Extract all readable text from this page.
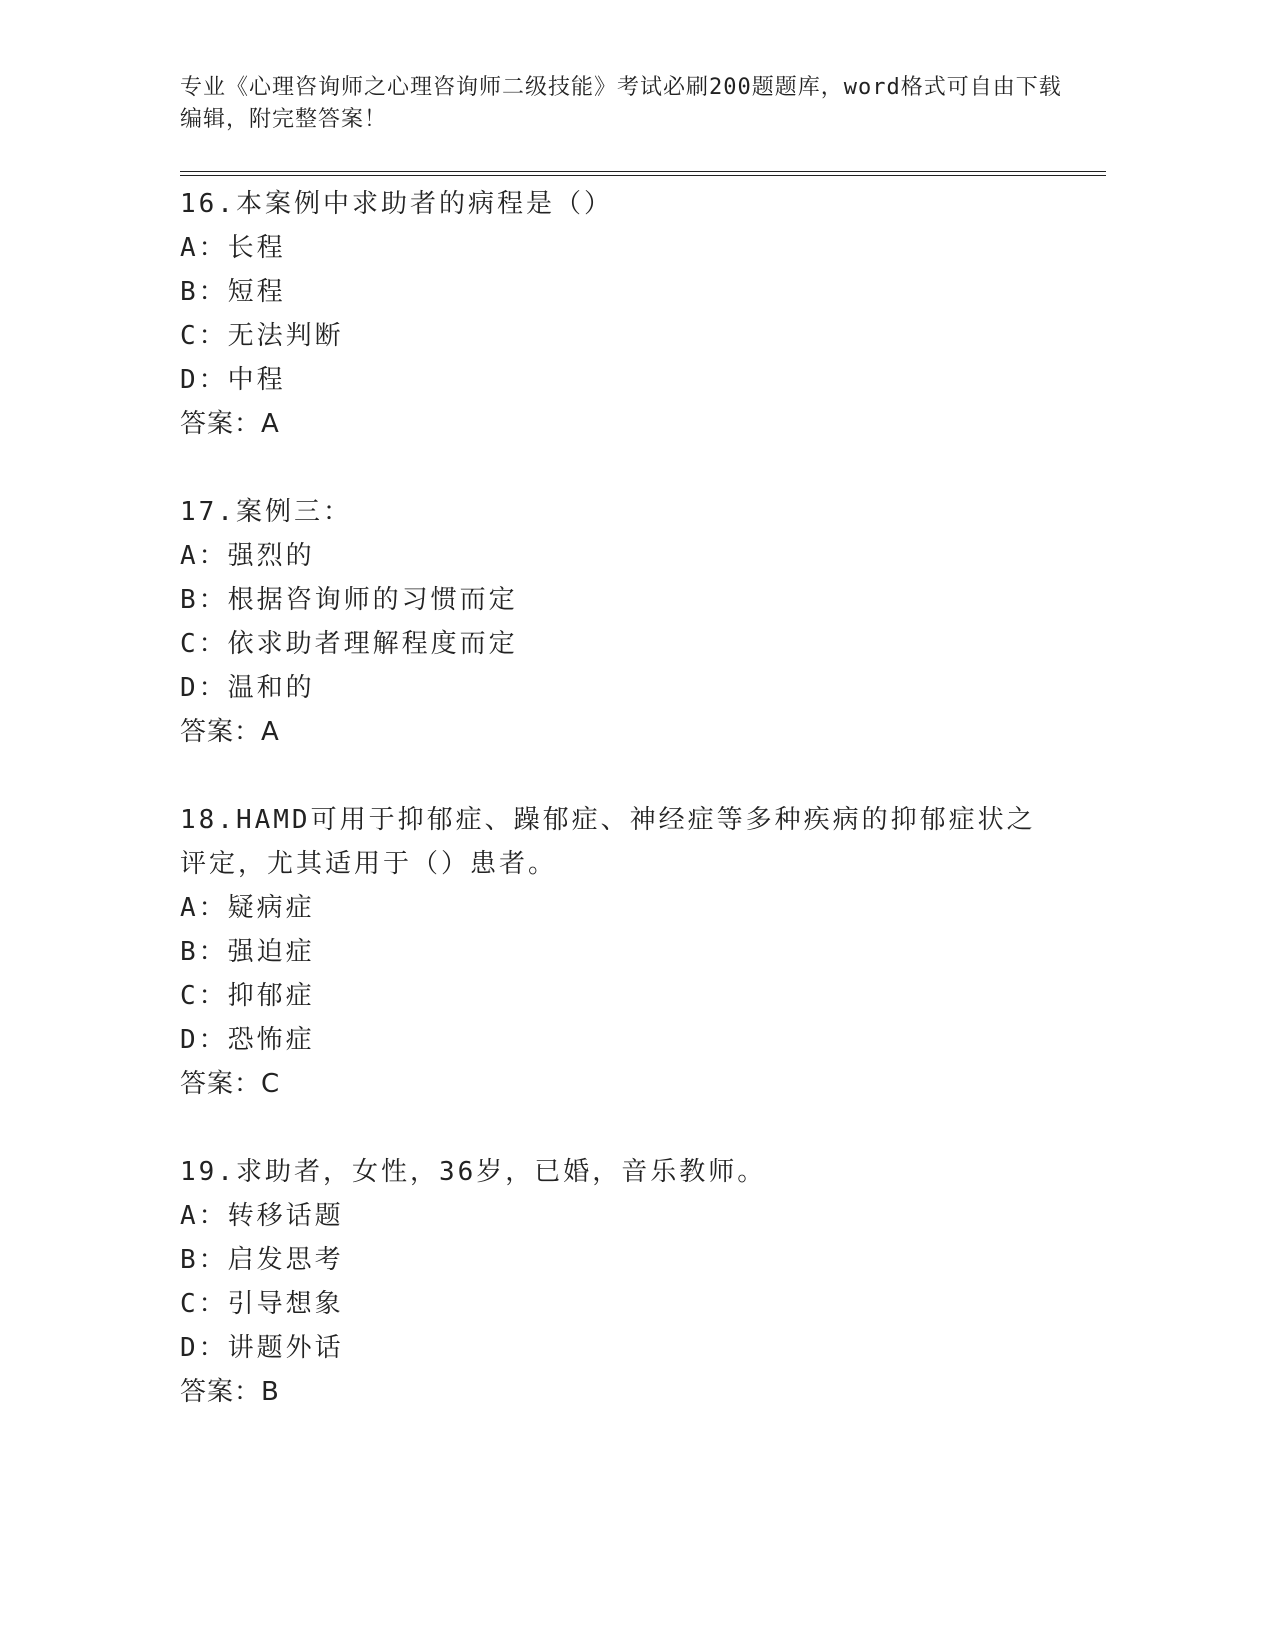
专业《心理咨询师之心理咨询师二级技能》考试必刷200题题库，word格式可自由下载编辑，附完整答案！
16.本案例中求助者的病程是（）
A：长程
B：短程
C：无法判断
D：中程
答案：A
17.案例三：
A：强烈的
B：根据咨询师的习惯而定
C：依求助者理解程度而定
D：温和的
答案：A
18.HAMD可用于抑郁症、躁郁症、神经症等多种疾病的抑郁症状之评定，尤其适用于（）患者。
A：疑病症
B：强迫症
C：抑郁症
D：恐怖症
答案：C
19.求助者，女性，36岁，已婚，音乐教师。
A：转移话题
B：启发思考
C：引导想象
D：讲题外话
答案：B
